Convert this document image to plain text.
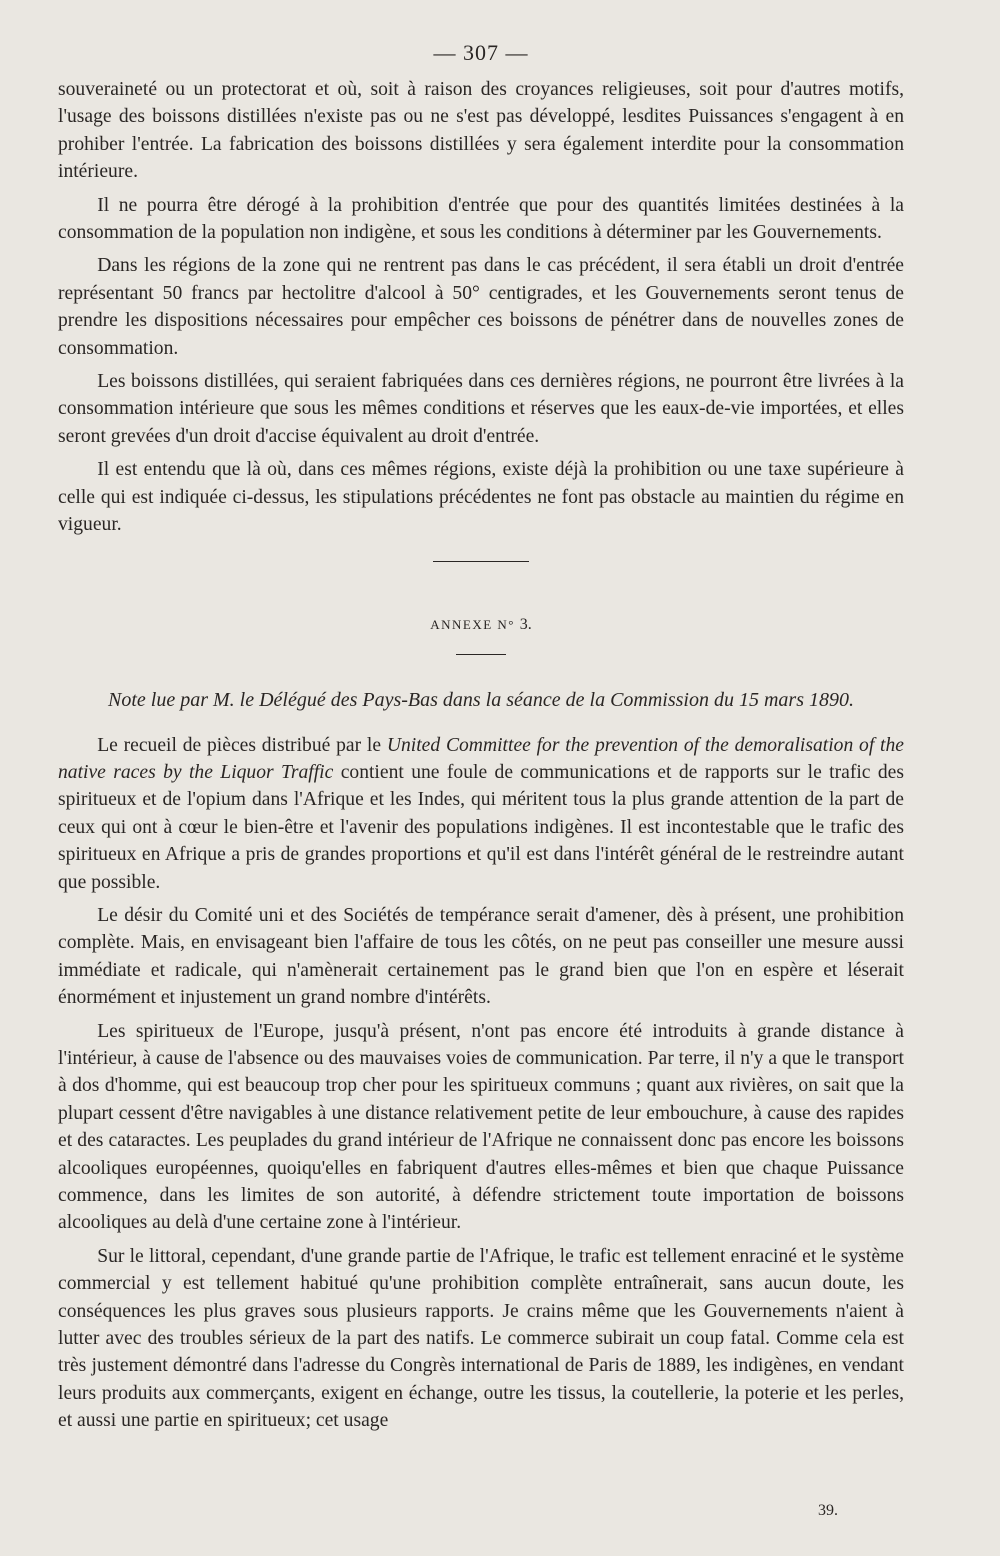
— 307 —

souveraineté ou un protectorat et où, soit à raison des croyances religieuses, soit pour d'autres motifs, l'usage des boissons distillées n'existe pas ou ne s'est pas développé, lesdites Puissances s'engagent à en prohiber l'entrée. La fabrication des boissons distillées y sera également interdite pour la consommation intérieure.

Il ne pourra être dérogé à la prohibition d'entrée que pour des quantités limitées destinées à la consommation de la population non indigène, et sous les conditions à déterminer par les Gouvernements.

Dans les régions de la zone qui ne rentrent pas dans le cas précédent, il sera établi un droit d'entrée représentant 50 francs par hectolitre d'alcool à 50° centigrades, et les Gouvernements seront tenus de prendre les dispositions nécessaires pour empêcher ces boissons de pénétrer dans de nouvelles zones de consommation.

Les boissons distillées, qui seraient fabriquées dans ces dernières régions, ne pourront être livrées à la consommation intérieure que sous les mêmes conditions et réserves que les eaux-de-vie importées, et elles seront grevées d'un droit d'accise équivalent au droit d'entrée.

Il est entendu que là où, dans ces mêmes régions, existe déjà la prohibition ou une taxe supérieure à celle qui est indiquée ci-dessus, les stipulations précédentes ne font pas obstacle au maintien du régime en vigueur.

ANNEXE N° 3.
Note lue par M. le Délégué des Pays-Bas dans la séance de la Commission du 15 mars 1890.

Le recueil de pièces distribué par le United Committee for the prevention of the demoralisation of the native races by the Liquor Traffic contient une foule de communications et de rapports sur le trafic des spiritueux et de l'opium dans l'Afrique et les Indes, qui méritent tous la plus grande attention de la part de ceux qui ont à cœur le bien-être et l'avenir des populations indigènes. Il est incontestable que le trafic des spiritueux en Afrique a pris de grandes proportions et qu'il est dans l'intérêt général de le restreindre autant que possible.

Le désir du Comité uni et des Sociétés de tempérance serait d'amener, dès à présent, une prohibition complète. Mais, en envisageant bien l'affaire de tous les côtés, on ne peut pas conseiller une mesure aussi immédiate et radicale, qui n'amènerait certainement pas le grand bien que l'on en espère et léserait énormément et injustement un grand nombre d'intérêts.

Les spiritueux de l'Europe, jusqu'à présent, n'ont pas encore été introduits à grande distance à l'intérieur, à cause de l'absence ou des mauvaises voies de communication. Par terre, il n'y a que le transport à dos d'homme, qui est beaucoup trop cher pour les spiritueux communs ; quant aux rivières, on sait que la plupart cessent d'être navigables à une distance relativement petite de leur embouchure, à cause des rapides et des cataractes. Les peuplades du grand intérieur de l'Afrique ne connaissent donc pas encore les boissons alcooliques européennes, quoiqu'elles en fabriquent d'autres elles-mêmes et bien que chaque Puissance commence, dans les limites de son autorité, à défendre strictement toute importation de boissons alcooliques au delà d'une certaine zone à l'intérieur.

Sur le littoral, cependant, d'une grande partie de l'Afrique, le trafic est tellement enraciné et le système commercial y est tellement habitué qu'une prohibition complète entraînerait, sans aucun doute, les conséquences les plus graves sous plusieurs rapports. Je crains même que les Gouvernements n'aient à lutter avec des troubles sérieux de la part des natifs. Le commerce subirait un coup fatal. Comme cela est très justement démontré dans l'adresse du Congrès international de Paris de 1889, les indigènes, en vendant leurs produits aux commerçants, exigent en échange, outre les tissus, la coutellerie, la poterie et les perles, et aussi une partie en spiritueux; cet usage

39.
